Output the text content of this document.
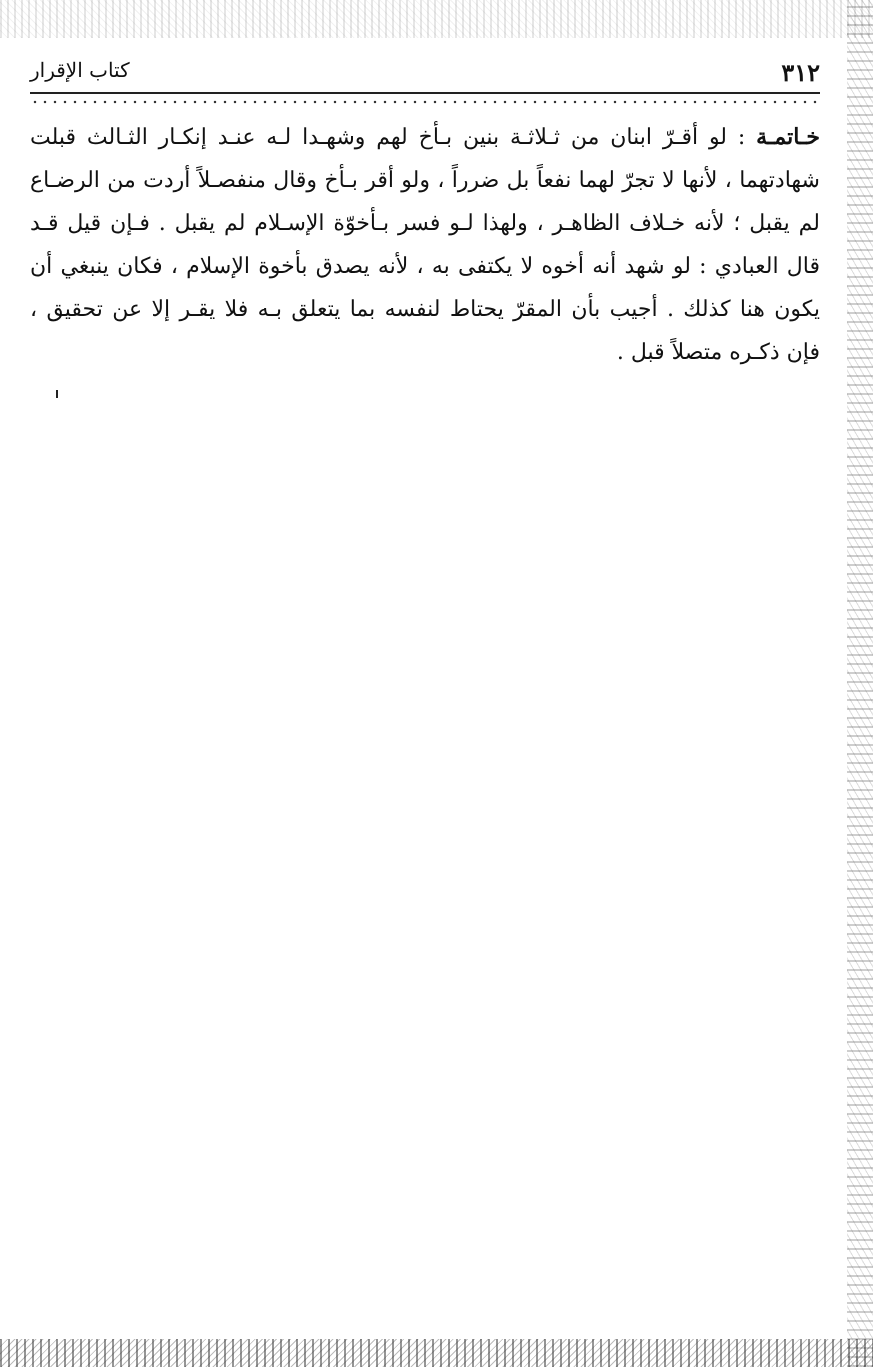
٣١٢
كتاب الإقرار
خـاتمـة : لو أقـرّ ابنان من ثـلاثـة بنين بـأخ لهم وشهـدا لـه عنـد إنكـار الثـالث قبلت شهادتهما ، لأنها لا تجرّ لهما نفعاً بل ضرراً ، ولو أقر بـأخ وقال منفصـلاً أردت من الرضـاع لم يقبل ؛ لأنه خـلاف الظاهـر ، ولهذا لـو فسر بـأخوّة الإسـلام لم يقبل . فـإن قيل قـد قال العبادي : لو شهد أنه أخوه لا يكتفى به ، لأنه يصدق بأخوة الإسلام ، فكان ينبغي أن يكون هنا كذلك . أجيب بأن المقرّ يحتاط لنفسه بما يتعلق بـه فلا يقـر إلا عن تحقيق ، فإن ذكـره متصلاً قبل .
